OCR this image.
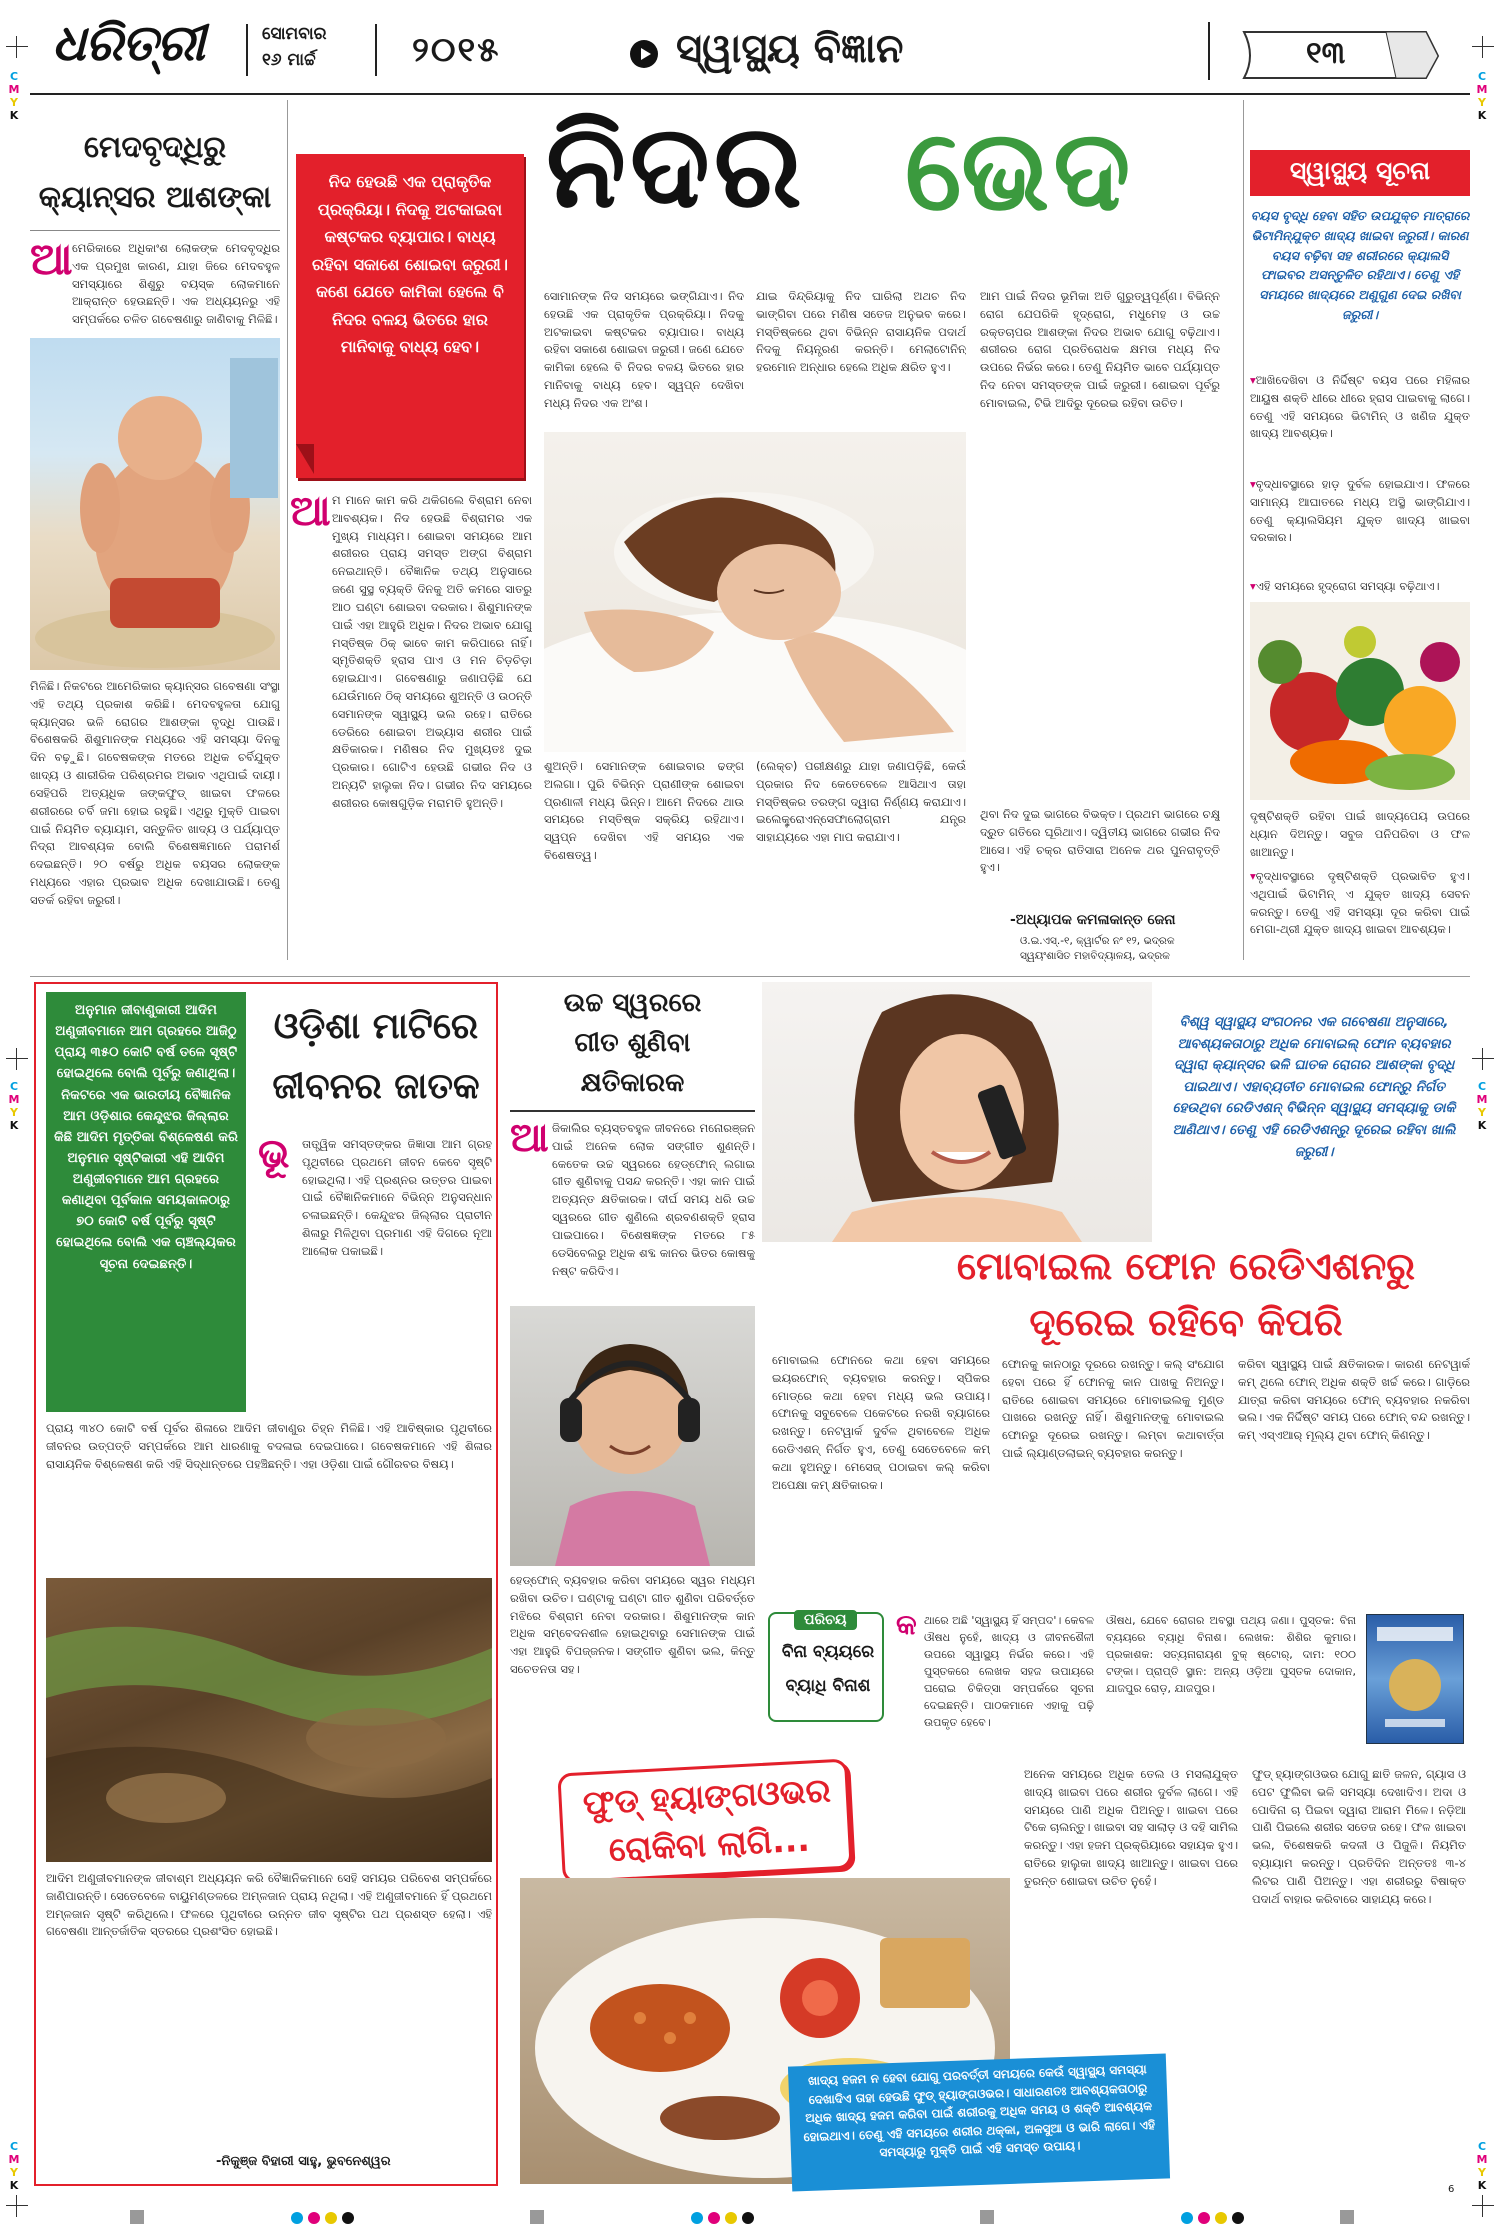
ଧରିତ୍ରୀ	ସୋମବାର
୧୬ ମାର୍ଚ୍ଚ	୨୦୧୫	ସ୍ୱାସ୍ଥ୍ୟ ବିଜ୍ଞାନ	୧୩
C
M
Y
K
C
M
Y
K
C
M
Y
K
C
M
Y
K
C
M
Y
K
C
M
Y
K
ମେଦବୃଦ୍ଧିରୁ
କ୍ୟାନ୍ସର ଆଶଙ୍କା
ଆ ମେରିକାରେ ଅଧିକାଂଶ ଲୋକଙ୍କ ମେଦବୃଦ୍ଧିର ଏକ ପ୍ରମୁଖ କାରଣ, ଯାହା ଜିରେ ମେଦବହୁଳ ସମସ୍ୟାରେ ଶିଶୁରୁ ବୟସ୍କ ଲୋକମାନେ ଆକ୍ରାନ୍ତ ହେଉଛନ୍ତି। ଏକ ଅଧ୍ୟୟନରୁ ଏହି ସମ୍ପର୍କରେ ଚଳିତ ଗବେଷଣାରୁ ଜାଣିବାକୁ ମିଳିଛି।
ମିଳିଛି। ନିକଟରେ ଆମେରିକାର କ୍ୟାନ୍ସର ଗବେଷଣା ସଂସ୍ଥା ଏହି ତଥ୍ୟ ପ୍ରକାଶ କରିଛି। ମେଦବହୁଳତା ଯୋଗୁ କ୍ୟାନ୍ସର ଭଳି ରୋଗର ଆଶଙ୍କା ବୃଦ୍ଧି ପାଉଛି। ବିଶେଷକରି ଶିଶୁମାନଙ୍କ ମଧ୍ୟରେ ଏହି ସମସ୍ୟା ଦିନକୁ ଦିନ ବଢ଼ୁଛି। ଗବେଷକଙ୍କ ମତରେ ଅଧିକ ଚର୍ବିଯୁକ୍ତ ଖାଦ୍ୟ ଓ ଶାରୀରିକ ପରିଶ୍ରମର ଅଭାବ ଏଥିପାଇଁ ଦାୟୀ। ସେହିପରି ଅତ୍ୟଧିକ ଜଙ୍କଫୁଡ୍ ଖାଇବା ଫଳରେ ଶରୀରରେ ଚର୍ବି ଜମା ହୋଇ ରହୁଛି। ଏଥିରୁ ମୁକ୍ତି ପାଇବା ପାଇଁ ନିୟମିତ ବ୍ୟାୟାମ, ସନ୍ତୁଳିତ ଖାଦ୍ୟ ଓ ପର୍ଯ୍ୟାପ୍ତ ନିଦ୍ରା ଆବଶ୍ୟକ ବୋଲି ବିଶେଷଜ୍ଞମାନେ ପରାମର୍ଶ ଦେଇଛନ୍ତି। ୨୦ ବର୍ଷରୁ ଅଧିକ ବୟସର ଲୋକଙ୍କ ମଧ୍ୟରେ ଏହାର ପ୍ରଭାବ ଅଧିକ ଦେଖାଯାଉଛି। ତେଣୁ ସତର୍କ ରହିବା ଜରୁରୀ।
ନିଦ ହେଉଛି ଏକ ପ୍ରାକୃତିକ ପ୍ରକ୍ରିୟା। ନିଦକୁ ଅଟକାଇବା କଷ୍ଟକର ବ୍ୟାପାର। ବାଧ୍ୟ ରହିବା ସକାଶେ ଶୋଇବା ଜରୁରୀ। କଣେ ଯେତେ କାମିକା ହେଲେ ବି ନିଦର ବଳୟ ଭିତରେ ହାର ମାନିବାକୁ ବାଧ୍ୟ ହେବ।
ନିଦର ଭେଦ
ଆ ମ ମାନେ କାମ କରି ଥକିଗଲେ ବିଶ୍ରାମ ନେବା ଆବଶ୍ୟକ। ନିଦ ହେଉଛି ବିଶ୍ରାମର ଏକ ମୁଖ୍ୟ ମାଧ୍ୟମ। ଶୋଇବା ସମୟରେ ଆମ ଶରୀରର ପ୍ରାୟ ସମସ୍ତ ଅଙ୍ଗ ବିଶ୍ରାମ ନେଇଥାନ୍ତି। ବୈଜ୍ଞାନିକ ତଥ୍ୟ ଅନୁସାରେ ଜଣେ ସୁସ୍ଥ ବ୍ୟକ୍ତି ଦିନକୁ ଅତି କମରେ ସାତରୁ ଆଠ ଘଣ୍ଟା ଶୋଇବା ଦରକାର। ଶିଶୁମାନଙ୍କ ପାଇଁ ଏହା ଆହୁରି ଅଧିକ। ନିଦର ଅଭାବ ଯୋଗୁ ମସ୍ତିଷ୍କ ଠିକ୍ ଭାବେ କାମ କରିପାରେ ନାହିଁ। ସ୍ମୃତିଶକ୍ତି ହ୍ରାସ ପାଏ ଓ ମନ ଚିଡ଼ଚିଡ଼ା ହୋଇଯାଏ। ଗବେଷଣାରୁ ଜଣାପଡ଼ିଛି ଯେ ଯେଉଁମାନେ ଠିକ୍ ସମୟରେ ଶୁଅନ୍ତି ଓ ଉଠନ୍ତି ସେମାନଙ୍କ ସ୍ୱାସ୍ଥ୍ୟ ଭଲ ରହେ। ରାତିରେ ଡେରିରେ ଶୋଇବା ଅଭ୍ୟାସ ଶରୀର ପାଇଁ କ୍ଷତିକାରକ। ମଣିଷର ନିଦ ମୁଖ୍ୟତଃ ଦୁଇ ପ୍ରକାର। ଗୋଟିଏ ହେଉଛି ଗଭୀର ନିଦ ଓ ଅନ୍ୟଟି ହାଲୁକା ନିଦ। ଗଭୀର ନିଦ ସମୟରେ ଶରୀରର କୋଷଗୁଡ଼ିକ ମରାମତି ହୁଅନ୍ତି।
ସୋମାନଙ୍କ ନିଦ ସମୟରେ ଭଙ୍ଗିଯାଏ। ନିଦ ହେଉଛି ଏକ ପ୍ରାକୃତିକ ପ୍ରକ୍ରିୟା। ନିଦକୁ ଅଟକାଇବା କଷ୍ଟକର ବ୍ୟାପାର। ବାଧ୍ୟ ରହିବା ସକାଶେ ଶୋଇବା ଜରୁରୀ। ଜଣେ ଯେତେ କାମିକା ହେଲେ ବି ନିଦର ବଳୟ ଭିତରେ ହାର ମାନିବାକୁ ବାଧ୍ୟ ହେବ। ସ୍ୱପ୍ନ ଦେଖିବା ମଧ୍ୟ ନିଦର ଏକ ଅଂଶ।
ଯାଇ ଦିନ୍ଦ୍ରିୟାକୁ ନିଦ ଘାରିଲା ଅଥଚ ନିଦ ଭାଙ୍ଗିବା ପରେ ମଣିଷ ସତେଜ ଅନୁଭବ କରେ। ମସ୍ତିଷ୍କରେ ଥିବା ବିଭିନ୍ନ ରାସାୟନିକ ପଦାର୍ଥ ନିଦକୁ ନିୟନ୍ତ୍ରଣ କରନ୍ତି। ମେଲାଟୋନିନ୍ ହରମୋନ ଅନ୍ଧାର ହେଲେ ଅଧିକ କ୍ଷରିତ ହୁଏ।
ଆମ ପାଇଁ ନିଦର ଭୂମିକା ଅତି ଗୁରୁତ୍ୱପୂର୍ଣ୍ଣ। ବିଭିନ୍ନ ରୋଗ ଯେପରିକି ହୃଦ୍‌ରୋଗ, ମଧୁମେହ ଓ ଉଚ୍ଚ ରକ୍ତଚାପର ଆଶଙ୍କା ନିଦର ଅଭାବ ଯୋଗୁ ବଢ଼ିଥାଏ। ଶରୀରର ରୋଗ ପ୍ରତିରୋଧକ କ୍ଷମତା ମଧ୍ୟ ନିଦ ଉପରେ ନିର୍ଭର କରେ। ତେଣୁ ନିୟମିତ ଭାବେ ପର୍ଯ୍ୟାପ୍ତ ନିଦ ନେବା ସମସ୍ତଙ୍କ ପାଇଁ ଜରୁରୀ। ଶୋଇବା ପୂର୍ବରୁ ମୋବାଇଲ, ଟିଭି ଆଦିରୁ ଦୂରେଇ ରହିବା ଉଚିତ।
ଶୁଅନ୍ତି। ସେମାନଙ୍କ ଶୋଇବାର ଢଙ୍ଗ ଅଲଗା। ପୁରି ବିଭିନ୍ନ ପ୍ରାଣୀଙ୍କ ଶୋଇବା ପ୍ରଣାଳୀ ମଧ୍ୟ ଭିନ୍ନ। ଆମେ ନିଦରେ ଥାଉ ସମୟରେ ମସ୍ତିଷ୍କ ସକ୍ରିୟ ରହିଥାଏ। ସ୍ୱପ୍ନ ଦେଖିବା ଏହି ସମୟର ଏକ ବିଶେଷତ୍ୱ।
(ଲେକ୍ଚ) ପରୀକ୍ଷଣରୁ ଯାହା ଜଣାପଡ଼ିଛି, କେଉଁ ପ୍ରକାର ନିଦ କେତେବେଳେ ଆସିଥାଏ ତାହା ମସ୍ତିଷ୍କର ତରଙ୍ଗ ଦ୍ୱାରା ନିର୍ଣ୍ଣୟ କରାଯାଏ। ଇଲେକ୍ଟ୍ରୋଏନ୍ସେଫାଲୋଗ୍ରାମ ଯନ୍ତ୍ର ସାହାଯ୍ୟରେ ଏହା ମାପ କରାଯାଏ।
ଥିବା ନିଦ ଦୁଇ ଭାଗରେ ବିଭକ୍ତ। ପ୍ରଥମ ଭାଗରେ ଚକ୍ଷୁ ଦ୍ରୁତ ଗତିରେ ଘୂରିଥାଏ। ଦ୍ୱିତୀୟ ଭାଗରେ ଗଭୀର ନିଦ ଆସେ। ଏହି ଚକ୍ର ରାତିସାରା ଅନେକ ଥର ପୁନରାବୃତ୍ତି ହୁଏ।
-ଅଧ୍ୟାପକ କମଳାକାନ୍ତ ଜେନା
ଓ.ଇ.ଏସ୍.-୧, କ୍ୱାର୍ଟର ନଂ ୧୨, ଭଦ୍ରକ ସ୍ୱୟଂଶାସିତ ମହାବିଦ୍ୟାଳୟ, ଭଦ୍ରକ
ସ୍ୱାସ୍ଥ୍ୟ ସୂଚନା
ବୟସ ବୃଦ୍ଧି ହେବା ସହିତ ଉପଯୁକ୍ତ ମାତ୍ରାରେ ଭିଟାମିନ୍‌ଯୁକ୍ତ ଖାଦ୍ୟ ଖାଇବା ଜରୁରୀ। କାରଣ ବୟସ ବଢ଼ିବା ସହ ଶରୀରରେ କ୍ୟାଲସି ଫାଇବର ଅସନ୍ତୁଳିତ ରହିଥାଏ। ତେଣୁ ଏହି ସମୟରେ ଖାଦ୍ୟରେ ଅଣୁଗୁଣ ଦେଇ ରଖିବା ଜରୁରୀ।
▾ଆଖିଦେଖିବା ଓ ନିର୍ଦ୍ଦିଷ୍ଟ ବୟସ ପରେ ମହିଳାର ଆୟୁଷ ଶକ୍ତି ଧୀରେ ଧୀରେ ହ୍ରାସ ପାଇବାକୁ ଲାଗେ। ତେଣୁ ଏହି ସମୟରେ ଭିଟାମିନ୍ ଓ ଖଣିଜ ଯୁକ୍ତ ଖାଦ୍ୟ ଆବଶ୍ୟକ।
▾ବୃଦ୍ଧାବସ୍ଥାରେ ହାଡ଼ ଦୁର୍ବଳ ହୋଇଯାଏ। ଫଳରେ ସାମାନ୍ୟ ଆଘାତରେ ମଧ୍ୟ ଅସ୍ଥି ଭାଙ୍ଗିଯାଏ। ତେଣୁ କ୍ୟାଲସିୟମ ଯୁକ୍ତ ଖାଦ୍ୟ ଖାଇବା ଦରକାର।
▾ଏହି ସମୟରେ ହୃଦ୍‌ରୋଗ ସମସ୍ୟା ବଢ଼ିଥାଏ।
ଦୃଷ୍ଟିଶକ୍ତି ରହିବା ପାଇଁ ଖାଦ୍ୟପେୟ ଉପରେ ଧ୍ୟାନ ଦିଅନ୍ତୁ। ସବୁଜ ପନିପରିବା ଓ ଫଳ ଖାଆନ୍ତୁ।
▾ବୃଦ୍ଧାବସ୍ଥାରେ ଦୃଷ୍ଟିଶକ୍ତି ପ୍ରଭାବିତ ହୁଏ। ଏଥିପାଇଁ ଭିଟାମିନ୍ ଏ ଯୁକ୍ତ ଖାଦ୍ୟ ସେବନ କରନ୍ତୁ। ତେଣୁ ଏହି ସମସ୍ୟା ଦୂର କରିବା ପାଇଁ ମେଗା-ଥ୍ରୀ ଯୁକ୍ତ ଖାଦ୍ୟ ଖାଇବା ଆବଶ୍ୟକ।
ଅନୁମାନ ଜୀବାଣୁକାରୀ ଆଦିମ ଅଣୁଜୀବମାନେ ଆମ ଗ୍ରହରେ ଆଜିଠୁ ପ୍ରାୟ ୩୫୦ କୋଟି ବର୍ଷ ତଳେ ସୃଷ୍ଟି ହୋଇଥିଲେ ବୋଲି ପୂର୍ବରୁ ଜଣାଥିଲା। ନିକଟରେ ଏକ ଭାରତୀୟ ବୈଜ୍ଞାନିକ ଆମ ଓଡ଼ିଶାର କେନ୍ଦୁଝର ଜିଲ୍ଲାର କିଛି ଆଦିମ ମୃତ୍ତିକା ବିଶ୍ଳେଷଣ କରି ଅନୁମାନ ସୃଷ୍ଟିକାରୀ ଏହି ଆଦିମ ଅଣୁଜୀବମାନେ ଆମ ଗ୍ରହରେ କଣାଥିବା ପୂର୍ବକାଳ ସମୟକାଳଠାରୁ ୭୦ କୋଟି ବର୍ଷ ପୂର୍ବରୁ ସୃଷ୍ଟି ହୋଇଥିଲେ ବୋଲି ଏକ ଚାଞ୍ଚଲ୍ୟକର ସୂଚନା ଦେଇଛନ୍ତି।
ଓଡ଼ିଶା ମାଟିରେ
ଜୀବନର ଜାତକ
ଭୂ ତାତ୍ତ୍ୱିକ ସମସ୍ତଙ୍କର ଜିଜ୍ଞାସା ଆମ ଗ୍ରହ ପୃଥିବୀରେ ପ୍ରଥମେ ଜୀବନ କେବେ ସୃଷ୍ଟି ହୋଇଥିଲା। ଏହି ପ୍ରଶ୍ନର ଉତ୍ତର ପାଇବା ପାଇଁ ବୈଜ୍ଞାନିକମାନେ ବିଭିନ୍ନ ଅନୁସନ୍ଧାନ ଚଳାଇଛନ୍ତି। କେନ୍ଦୁଝର ଜିଲ୍ଲାର ପ୍ରାଚୀନ ଶିଳାରୁ ମିଳିଥିବା ପ୍ରମାଣ ଏହି ଦିଗରେ ନୂଆ ଆଲୋକ ପକାଇଛି।
ପ୍ରାୟ ୩୪୦ କୋଟି ବର୍ଷ ପୂର୍ବର ଶିଳାରେ ଆଦିମ ଜୀବାଣୁର ଚିହ୍ନ ମିଳିଛି। ଏହି ଆବିଷ୍କାର ପୃଥିବୀରେ ଜୀବନର ଉତ୍ପତ୍ତି ସମ୍ପର୍କରେ ଆମ ଧାରଣାକୁ ବଦଳାଇ ଦେଇପାରେ। ଗବେଷକମାନେ ଏହି ଶିଳାର ରାସାୟନିକ ବିଶ୍ଳେଷଣ କରି ଏହି ସିଦ୍ଧାନ୍ତରେ ପହଞ୍ଚିଛନ୍ତି। ଏହା ଓଡ଼ିଶା ପାଇଁ ଗୌରବର ବିଷୟ।
ଆଦିମ ଅଣୁଜୀବମାନଙ୍କ ଜୀବାଶ୍ମ ଅଧ୍ୟୟନ କରି ବୈଜ୍ଞାନିକମାନେ ସେହି ସମୟର ପରିବେଶ ସମ୍ପର୍କରେ ଜାଣିପାରନ୍ତି। ସେତେବେଳେ ବାୟୁମଣ୍ଡଳରେ ଅମ୍ଳଜାନ ପ୍ରାୟ ନଥିଲା। ଏହି ଅଣୁଜୀବମାନେ ହିଁ ପ୍ରଥମେ ଅମ୍ଳଜାନ ସୃଷ୍ଟି କରିଥିଲେ। ଫଳରେ ପୃଥିବୀରେ ଉନ୍ନତ ଜୀବ ସୃଷ୍ଟିର ପଥ ପ୍ରଶସ୍ତ ହେଲା। ଏହି ଗବେଷଣା ଆନ୍ତର୍ଜାତିକ ସ୍ତରରେ ପ୍ରଶଂସିତ ହୋଇଛି।
-ନିକୁଞ୍ଜ ବିହାରୀ ସାହୁ, ଭୁବନେଶ୍ୱର
ଉଚ୍ଚ ସ୍ୱରରେ
ଗୀତ ଶୁଣିବା
କ୍ଷତିକାରକ
ଆ ଜିକାଲିର ବ୍ୟସ୍ତବହୁଳ ଜୀବନରେ ମନୋରଞ୍ଜନ ପାଇଁ ଅନେକ ଲୋକ ସଙ୍ଗୀତ ଶୁଣନ୍ତି। କେତେକ ଉଚ୍ଚ ସ୍ୱରରେ ହେଡ୍‌ଫୋନ୍ ଲଗାଇ ଗୀତ ଶୁଣିବାକୁ ପସନ୍ଦ କରନ୍ତି। ଏହା କାନ ପାଇଁ ଅତ୍ୟନ୍ତ କ୍ଷତିକାରକ। ଦୀର୍ଘ ସମୟ ଧରି ଉଚ୍ଚ ସ୍ୱରରେ ଗୀତ ଶୁଣିଲେ ଶ୍ରବଣଶକ୍ତି ହ୍ରାସ ପାଇପାରେ। ବିଶେଷଜ୍ଞଙ୍କ ମତରେ ୮୫ ଡେସିବେଲରୁ ଅଧିକ ଶବ୍ଦ କାନର ଭିତର କୋଷକୁ ନଷ୍ଟ କରିଦିଏ।
ହେଡ୍‌ଫୋନ୍ ବ୍ୟବହାର କରିବା ସମୟରେ ସ୍ୱର ମଧ୍ୟମ ରଖିବା ଉଚିତ। ଘଣ୍ଟାକୁ ଘଣ୍ଟା ଗୀତ ଶୁଣିବା ପରିବର୍ତ୍ତେ ମଝିରେ ବିଶ୍ରାମ ନେବା ଦରକାର। ଶିଶୁମାନଙ୍କ କାନ ଅଧିକ ସମ୍ବେଦନଶୀଳ ହୋଇଥିବାରୁ ସେମାନଙ୍କ ପାଇଁ ଏହା ଆହୁରି ବିପଜ୍ଜନକ। ସଙ୍ଗୀତ ଶୁଣିବା ଭଲ, କିନ୍ତୁ ସଚେତନତା ସହ।
ବିଶ୍ୱ ସ୍ୱାସ୍ଥ୍ୟ ସଂଗଠନର ଏକ ଗବେଷଣା ଅନୁସାରେ, ଆବଶ୍ୟକତାଠାରୁ ଅଧିକ ମୋବାଇଲ୍ ଫୋନ ବ୍ୟବହାର ଦ୍ୱାରା କ୍ୟାନ୍ସର ଭଳି ଘାତକ ରୋଗର ଆଶଙ୍କା ବୃଦ୍ଧି ପାଇଥାଏ। ଏହାବ୍ୟତୀତ ମୋବାଇଲ ଫୋନ୍‌ରୁ ନିର୍ଗତ ହେଉଥିବା ରେଡିଏଶନ୍ ବିଭିନ୍ନ ସ୍ୱାସ୍ଥ୍ୟ ସମସ୍ୟାକୁ ଡାକି ଆଣିଥାଏ। ତେଣୁ ଏହି ରେଡିଏଶନ୍‌ରୁ ଦୂରେଇ ରହିବା ଖାଲି ଜରୁରୀ।
ମୋବାଇଲ ଫୋନ ରେଡିଏଶନରୁ
ଦୂରେଇ ରହିବେ କିପରି
ମୋବାଇଲ ଫୋନରେ କଥା ହେବା ସମୟରେ ଇୟରଫୋନ୍ ବ୍ୟବହାର କରନ୍ତୁ। ସ୍ପିକର ମୋଡ୍‌ରେ କଥା ହେବା ମଧ୍ୟ ଭଲ ଉପାୟ। ଫୋନକୁ ସବୁବେଳେ ପକେଟରେ ନରଖି ବ୍ୟାଗରେ ରଖନ୍ତୁ। ନେଟୱାର୍କ ଦୁର୍ବଳ ଥିବାବେଳେ ଅଧିକ ରେଡିଏଶନ୍ ନିର୍ଗତ ହୁଏ, ତେଣୁ ସେତେବେଳେ କମ୍ କଥା ହୁଅନ୍ତୁ। ମେସେଜ୍ ପଠାଇବା କଲ୍ କରିବା ଅପେକ୍ଷା କମ୍ କ୍ଷତିକାରକ।
ଫୋନକୁ କାନଠାରୁ ଦୂରରେ ରଖନ୍ତୁ। କଲ୍ ସଂଯୋଗ ହେବା ପରେ ହିଁ ଫୋନକୁ କାନ ପାଖକୁ ନିଅନ୍ତୁ। ରାତିରେ ଶୋଇବା ସମୟରେ ମୋବାଇଲକୁ ମୁଣ୍ଡ ପାଖରେ ରଖନ୍ତୁ ନାହିଁ। ଶିଶୁମାନଙ୍କୁ ମୋବାଇଲ ଫୋନରୁ ଦୂରେଇ ରଖନ୍ତୁ। ଲମ୍ବା କଥାବାର୍ତ୍ତା ପାଇଁ ଲ୍ୟାଣ୍ଡଲାଇନ୍ ବ୍ୟବହାର କରନ୍ତୁ।
କରିବା ସ୍ୱାସ୍ଥ୍ୟ ପାଇଁ କ୍ଷତିକାରକ। କାରଣ ନେଟୱାର୍କ କମ୍ ଥିଲେ ଫୋନ୍ ଅଧିକ ଶକ୍ତି ଖର୍ଚ୍ଚ କରେ। ଗାଡ଼ିରେ ଯାତ୍ରା କରିବା ସମୟରେ ଫୋନ୍ ବ୍ୟବହାର ନକରିବା ଭଲ। ଏକ ନିର୍ଦ୍ଦିଷ୍ଟ ସମୟ ପରେ ଫୋନ୍ ବନ୍ଦ ରଖନ୍ତୁ। କମ୍ ଏସ୍‌ଏଆର୍ ମୂଲ୍ୟ ଥିବା ଫୋନ୍ କିଣନ୍ତୁ।
ପରିଚୟ
ବିନା ବ୍ୟୟରେ
ବ୍ୟାଧି ବିନାଶ
କ ଥାରେ ଅଛି 'ସ୍ୱାସ୍ଥ୍ୟ ହିଁ ସମ୍ପଦ'। କେବଳ ଔଷଧ ନୁହେଁ, ଖାଦ୍ୟ ଓ ଜୀବନଶୈଳୀ ଉପରେ ସ୍ୱାସ୍ଥ୍ୟ ନିର୍ଭର କରେ। ଏହି ପୁସ୍ତକରେ ଲେଖକ ସହଜ ଉପାୟରେ ଘରୋଇ ଚିକିତ୍ସା ସମ୍ପର୍କରେ ସୂଚନା ଦେଇଛନ୍ତି। ପାଠକମାନେ ଏହାକୁ ପଢ଼ି ଉପକୃତ ହେବେ।
ଔଷଧ, ଯେବେ ରୋଗର ଅବସ୍ଥା ପଥ୍ୟ ଜଣା। ପୁସ୍ତକ: ବିନା ବ୍ୟୟରେ ବ୍ୟାଧି ବିନାଶ। ଲେଖକ: ଶିଶିର କୁମାର। ପ୍ରକାଶକ: ସତ୍ୟନାରାୟଣ ବୁକ୍ ଷ୍ଟୋର୍, ଦାମ: ୧୦୦ ଟଙ୍କା। ପ୍ରାପ୍ତି ସ୍ଥାନ: ଅନ୍ୟ ଓଡ଼ିଆ ପୁସ୍ତକ ଦୋକାନ, ଯାଜପୁର ରୋଡ଼, ଯାଜପୁର।
ଫୁଡ୍ ହ୍ୟାଙ୍ଗଓଭର
ରୋକିବା ଲାଗି...
ଖାଦ୍ୟ ହଜମ ନ ହେବା ଯୋଗୁ ପରବର୍ତ୍ତୀ ସମୟରେ କେଉଁ ସ୍ୱାସ୍ଥ୍ୟ ସମସ୍ୟା ଦେଖାଦିଏ ତାହା ହେଉଛି ଫୁଡ୍ ହ୍ୟାଙ୍ଗଓଭର। ସାଧାରଣତଃ ଆବଶ୍ୟକତାଠାରୁ ଅଧିକ ଖାଦ୍ୟ ହଜମ କରିବା ପାଇଁ ଶରୀରକୁ ଅଧିକ ସମୟ ଓ ଶକ୍ତି ଆବଶ୍ୟକ ହୋଇଥାଏ। ତେଣୁ ଏହି ସମୟରେ ଶରୀର ଥକ୍କା, ଅଳସୁଆ ଓ ଭାରି ଲାଗେ। ଏହି ସମସ୍ୟାରୁ ମୁକ୍ତି ପାଇଁ ଏହି ସମସ୍ତ ଉପାୟ।
ଅନେକ ସମୟରେ ଅଧିକ ତେଲ ଓ ମସଲାଯୁକ୍ତ ଖାଦ୍ୟ ଖାଇବା ପରେ ଶରୀର ଦୁର୍ବଳ ଲାଗେ। ଏହି ସମୟରେ ପାଣି ଅଧିକ ପିଅନ୍ତୁ। ଖାଇବା ପରେ ଟିକେ ଚାଲନ୍ତୁ। ଖାଇବା ସହ ସାଲାଡ଼ ଓ ଦହି ସାମିଲ କରନ୍ତୁ। ଏହା ହଜମ ପ୍ରକ୍ରିୟାରେ ସହାୟକ ହୁଏ। ରାତିରେ ହାଲୁକା ଖାଦ୍ୟ ଖାଆନ୍ତୁ। ଖାଇବା ପରେ ତୁରନ୍ତ ଶୋଇବା ଉଚିତ ନୁହେଁ।
ଫୁଡ୍ ହ୍ୟାଙ୍ଗଓଭର ଯୋଗୁ ଛାତି ଜଳନ, ଗ୍ୟାସ ଓ ପେଟ ଫୁଲିବା ଭଳି ସମସ୍ୟା ଦେଖାଦିଏ। ଅଦା ଓ ପୋଦିନା ଚା ପିଇବା ଦ୍ୱାରା ଆରାମ ମିଳେ। ନଡ଼ିଆ ପାଣି ପିଇଲେ ଶରୀର ସତେଜ ରହେ। ଫଳ ଖାଇବା ଭଲ, ବିଶେଷକରି କଦଳୀ ଓ ପିଜୁଳି। ନିୟମିତ ବ୍ୟାୟାମ କରନ୍ତୁ। ପ୍ରତିଦିନ ଅନ୍ତତଃ ୩-୪ ଲିଟର ପାଣି ପିଅନ୍ତୁ। ଏହା ଶରୀରରୁ ବିଷାକ୍ତ ପଦାର୍ଥ ବାହାର କରିବାରେ ସାହାଯ୍ୟ କରେ।
6
